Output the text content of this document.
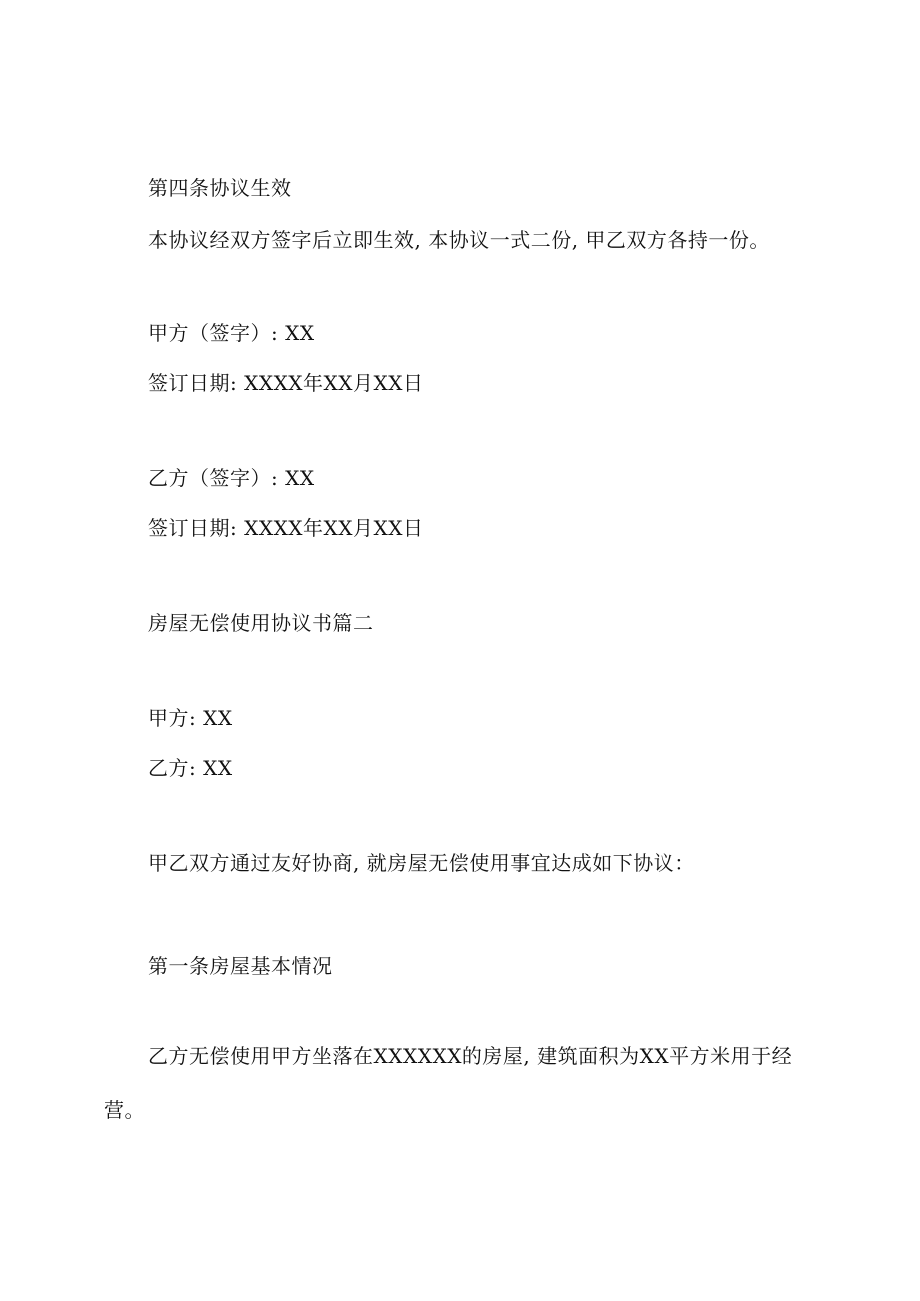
第四条协议生效
本协议经双方签字后立即生效, 本协议一式二份, 甲乙双方各持一份。
甲方（签字）: XX
签订日期: XXXX年XX月XX日
乙方（签字）: XX
签订日期: XXXX年XX月XX日
房屋无偿使用协议书篇二
甲方: XX
乙方: XX
甲乙双方通过友好协商, 就房屋无偿使用事宜达成如下协议：
第一条房屋基本情况
乙方无偿使用甲方坐落在XXXXXX的房屋, 建筑面积为XX平方米用于经营。
